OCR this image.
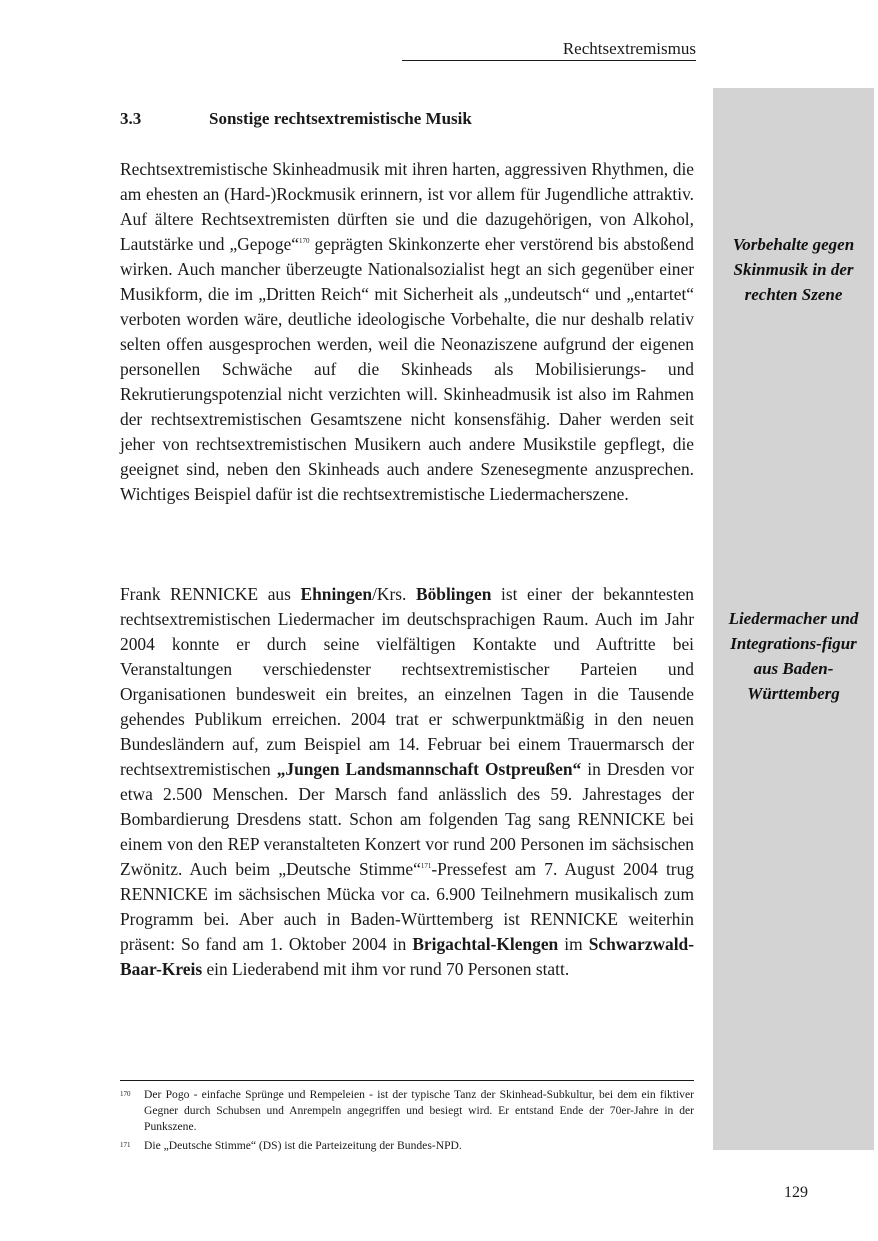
Rechtsextremismus
Vorbehalte gegen Skinmusik in der rechten Szene
Liedermacher und Integrations-figur aus Baden-Württemberg
3.3	Sonstige rechtsextremistische Musik
Rechtsextremistische Skinheadmusik mit ihren harten, aggressiven Rhythmen, die am ehesten an (Hard-)Rockmusik erinnern, ist vor allem für Jugendliche attraktiv. Auf ältere Rechtsextremisten dürften sie und die dazugehörigen, von Alkohol, Lautstärke und „Gepoge“$^{170}$ geprägten Skinkonzerte eher verstörend bis abstoßend wirken. Auch mancher überzeugte Nationalsozialist hegt an sich gegenüber einer Musikform, die im „Dritten Reich“ mit Sicherheit als „undeutsch“ und „entartet“ verboten worden wäre, deutliche ideologische Vorbehalte, die nur deshalb relativ selten offen ausgesprochen werden, weil die Neonaziszene aufgrund der eigenen personellen Schwäche auf die Skinheads als Mobilisierungs- und Rekrutierungspotenzial nicht verzichten will. Skinheadmusik ist also im Rahmen der rechtsextremistischen Gesamtszene nicht konsensfähig. Daher werden seit jeher von rechtsextremistischen Musikern auch andere Musikstile gepflegt, die geeignet sind, neben den Skinheads auch andere Szenesegmente anzusprechen. Wichtiges Beispiel dafür ist die rechtsextremistische Liedermacherszene.
Frank RENNICKE aus Ehningen/Krs. Böblingen ist einer der bekanntesten rechtsextremistischen Liedermacher im deutschsprachigen Raum. Auch im Jahr 2004 konnte er durch seine vielfältigen Kontakte und Auftritte bei Veranstaltungen verschiedenster rechtsextremistischer Parteien und Organisationen bundesweit ein breites, an einzelnen Tagen in die Tausende gehendes Publikum erreichen. 2004 trat er schwerpunktmäßig in den neuen Bundesländern auf, zum Beispiel am 14. Februar bei einem Trauermarsch der rechtsextremistischen „Jungen Landsmannschaft Ostpreußen“ in Dresden vor etwa 2.500 Menschen. Der Marsch fand anlässlich des 59. Jahrestages der Bombardierung Dresdens statt. Schon am folgenden Tag sang RENNICKE bei einem von den REP veranstalteten Konzert vor rund 200 Personen im sächsischen Zwönitz. Auch beim „Deutsche Stimme“$^{171}$-Pressefest am 7. August 2004 trug RENNICKE im sächsischen Mücka vor ca. 6.900 Teilnehmern musikalisch zum Programm bei. Aber auch in Baden-Württemberg ist RENNICKE weiterhin präsent: So fand am 1. Oktober 2004 in Brigachtal-Klengen im Schwarzwald-Baar-Kreis ein Liederabend mit ihm vor rund 70 Personen statt.
170	Der Pogo - einfache Sprünge und Rempeleien - ist der typische Tanz der Skinhead-Subkultur, bei dem ein fiktiver Gegner durch Schubsen und Anrempeln angegriffen und besiegt wird. Er entstand Ende der 70er-Jahre in der Punkszene.
171	Die „Deutsche Stimme“ (DS) ist die Parteizeitung der Bundes-NPD.
129
